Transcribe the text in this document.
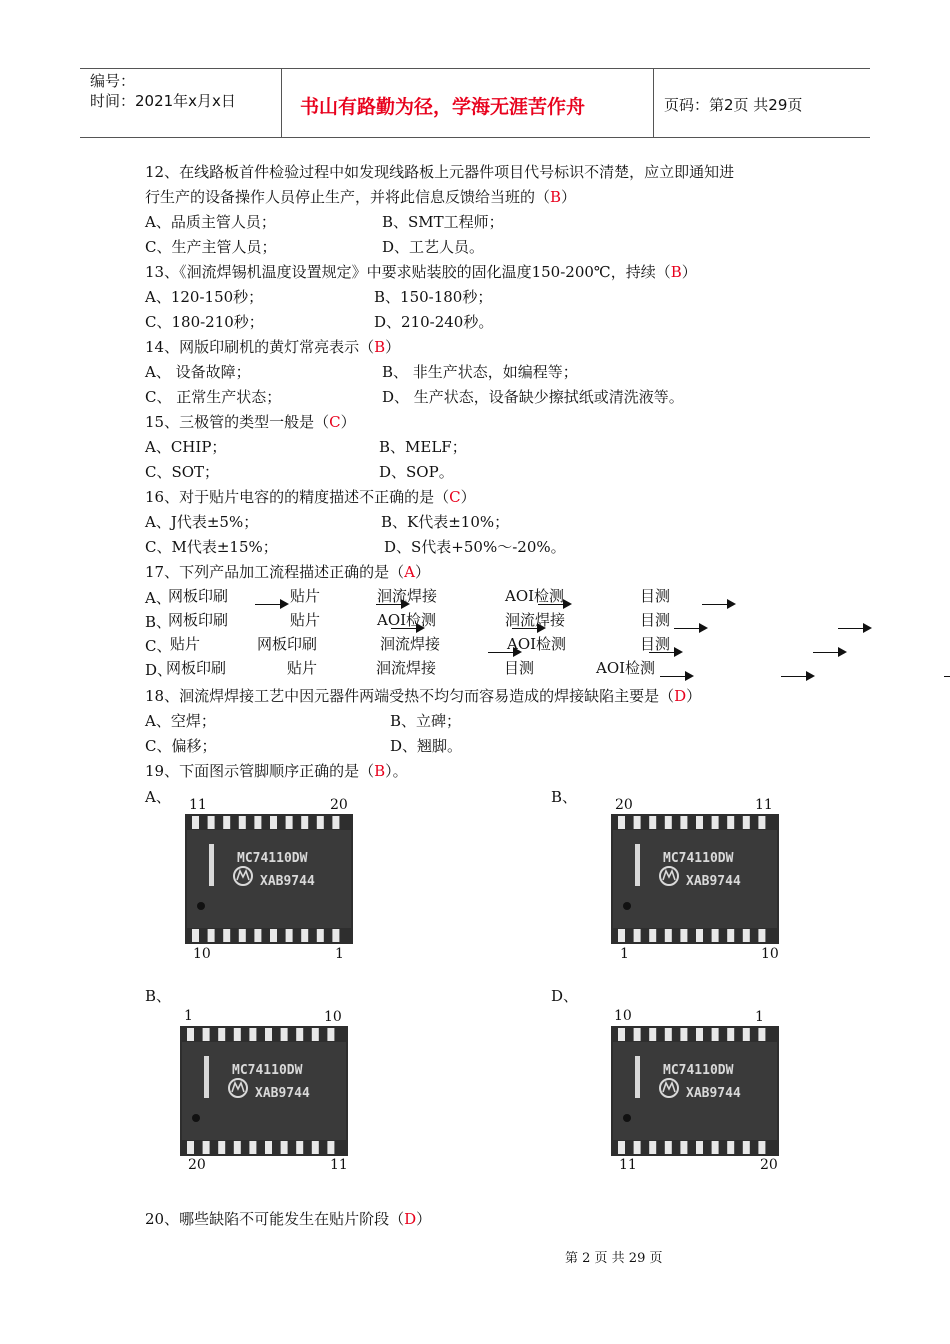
编号：
时间：2021年x月x日	书山有路勤为径，学海无涯苦作舟	页码：第2页 共29页
12、在线路板首件检验过程中如发现线路板上元器件项目代号标识不清楚，应立即通知进
行生产的设备操作人员停止生产，并将此信息反馈给当班的（B）
A、品质主管人员；	B、SMT工程师；
C、生产主管人员；	D、工艺人员。
13、《洄流焊锡机温度设置规定》中要求贴装胶的固化温度150-200℃，持续（B）
A、120-150秒；	B、150-180秒；
C、180-210秒；	D、210-240秒。
14、网版印刷机的黄灯常亮表示（B）
A、 设备故障；	B、 非生产状态，如编程等；
C、 正常生产状态；	D、 生产状态，设备缺少擦拭纸或清洗液等。
15、三极管的类型一般是（C）
A、CHIP；	B、MELF；
C、SOT；	D、SOP。
16、对于贴片电容的的精度描述不正确的是（C）
A、J代表±5%；	B、K代表±10%；
C、M代表±15%；	D、S代表+50%～-20%。
17、下列产品加工流程描述正确的是（A）
A、
网板印刷	贴片	洄流焊接	AOI检测	目测
B、
网板印刷	贴片	AOI检测	洄流焊接	目测
C、
贴片	网板印刷	洄流焊接	AOI检测	目测
D、
网板印刷	贴片	洄流焊接	目测	AOI检测
18、洄流焊焊接工艺中因元器件两端受热不均匀而容易造成的焊接缺陷主要是（D）
A、空焊；	B、立碑；
C、偏移；	D、翘脚。
19、下面图示管脚顺序正确的是（B）。
A、	B、
B、	D、
11	20
10	1
20	11
1	10
1	10
20	11
10	1
11	20
MC74110DW
XAB9744
MC74110DW
XAB9744
MC74110DW
XAB9744
MC74110DW
XAB9744
20、哪些缺陷不可能发生在贴片阶段（D）
第 2 页 共 29 页
